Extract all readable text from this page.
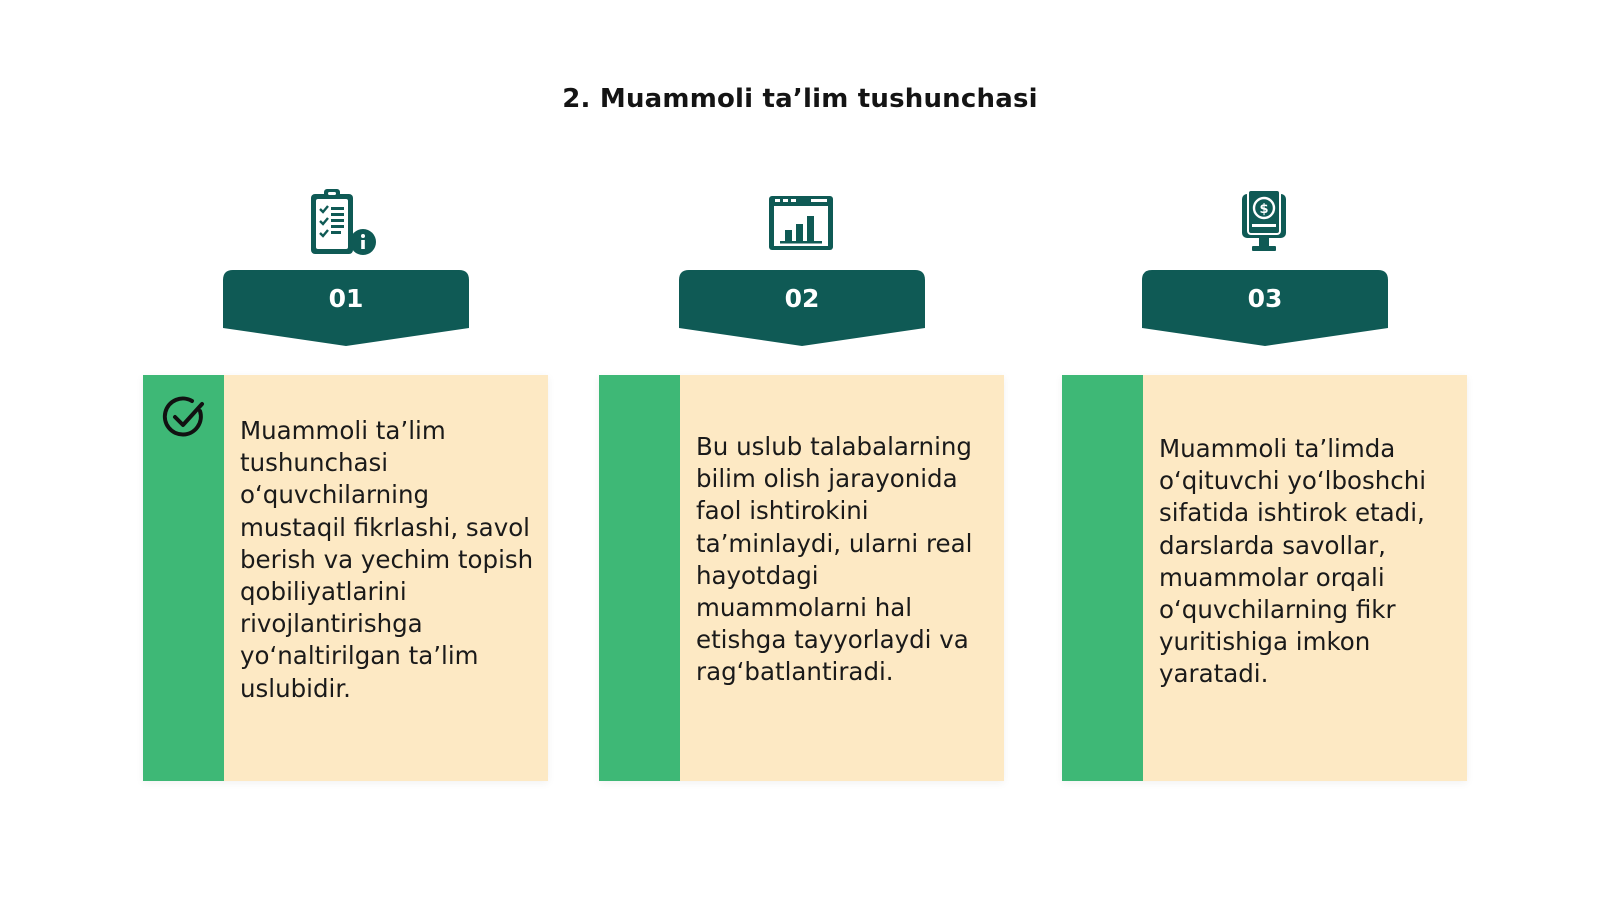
2. Muammoli ta’lim tushunchasi
01
Muammoli ta’lim tushunchasi o‘quvchilarning mustaqil fikrlashi, savol berish va yechim topish qobiliyatlarini rivojlantirishga yo‘naltirilgan ta’lim uslubidir.
02
Bu uslub talabalarning bilim olish jarayonida faol ishtirokini ta’minlaydi, ularni real hayotdagi muammolarni hal etishga tayyorlaydi va rag‘batlantiradi.
$
03
Muammoli ta’limda o‘qituvchi yo‘lboshchi sifatida ishtirok etadi, darslarda savollar, muammolar orqali o‘quvchilarning fikr yuritishiga imkon yaratadi.
